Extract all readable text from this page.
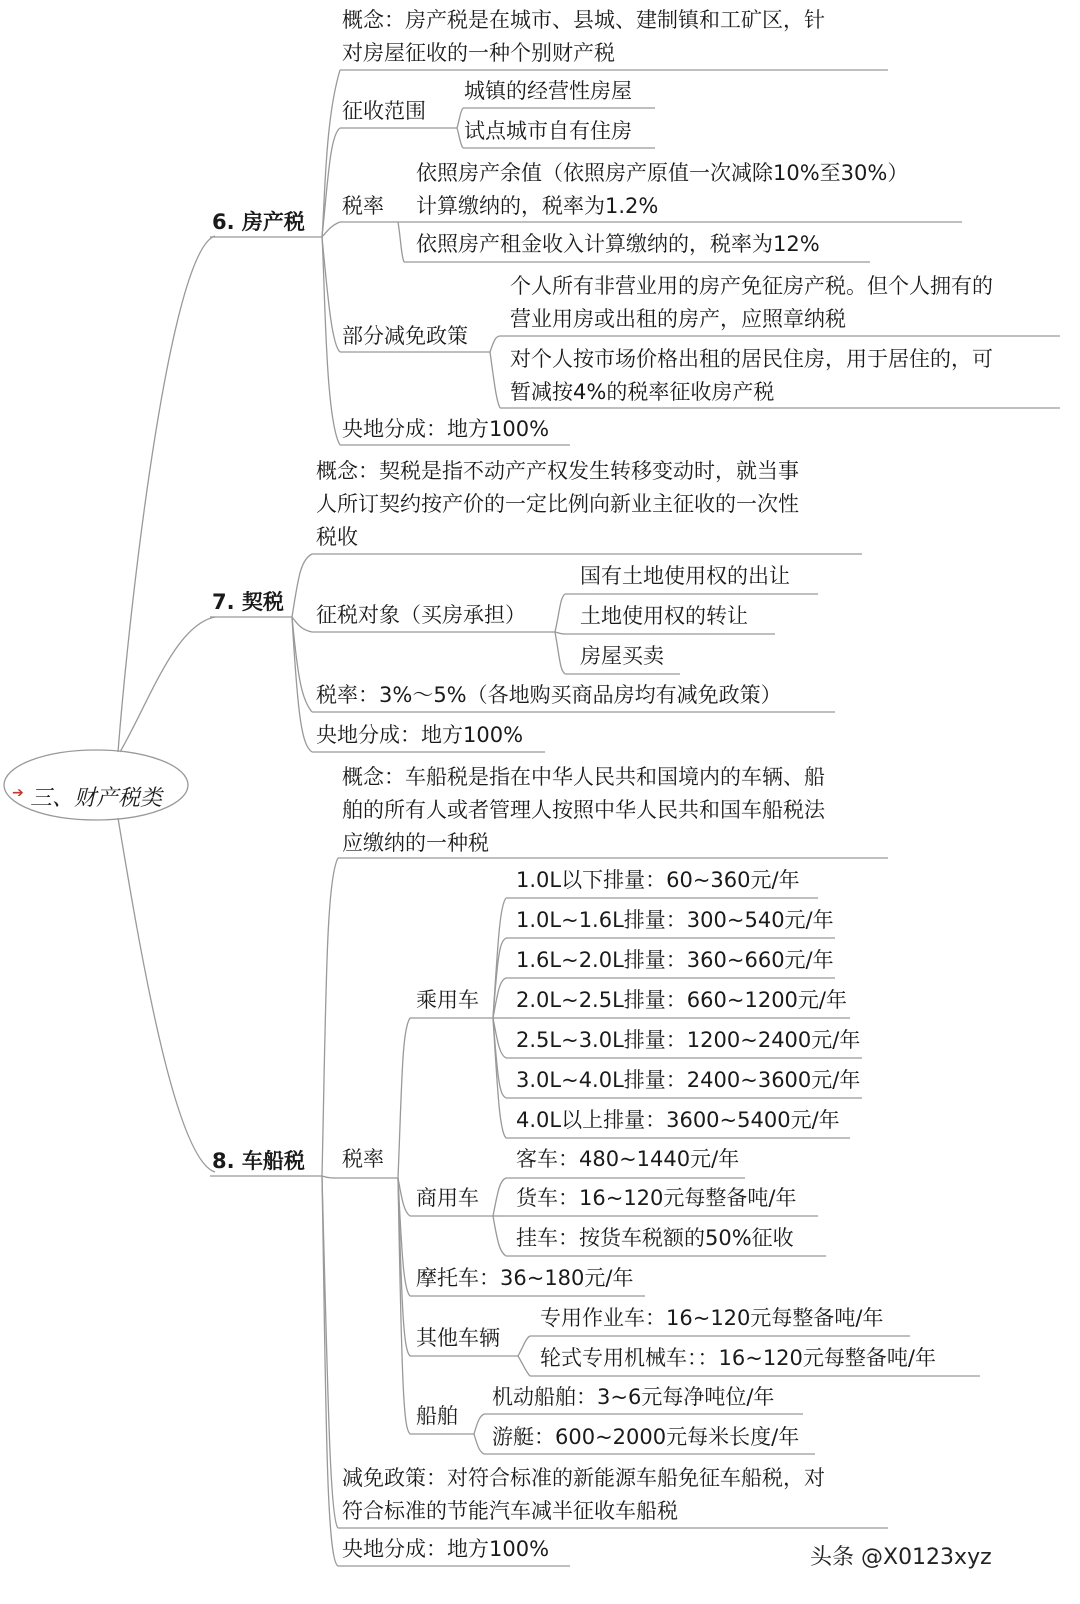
➔ 三、财产税类
6. 房产税
概念：房产税是在城市、县城、建制镇和工矿区，针
对房屋征收的一种个别财产税
征收范围
城镇的经营性房屋
试点城市自有住房
税率
依照房产余值（依照房产原值一次减除10%至30%）
计算缴纳的，税率为1.2%
依照房产租金收入计算缴纳的，税率为12%
部分减免政策
个人所有非营业用的房产免征房产税。但个人拥有的
营业用房或出租的房产，应照章纳税
对个人按市场价格出租的居民住房，用于居住的，可
暂减按4%的税率征收房产税
央地分成：地方100%
7. 契税
概念：契税是指不动产产权发生转移变动时，就当事
人所订契约按产价的一定比例向新业主征收的一次性
税收
征税对象（买房承担）
国有土地使用权的出让
土地使用权的转让
房屋买卖
税率：3%～5%（各地购买商品房均有减免政策）
央地分成：地方100%
8. 车船税
概念：车船税是指在中华人民共和国境内的车辆、船
舶的所有人或者管理人按照中华人民共和国车船税法
应缴纳的一种税
税率
乘用车
1.0L以下排量：60~360元/年
1.0L~1.6L排量：300~540元/年
1.6L~2.0L排量：360~660元/年
2.0L~2.5L排量：660~1200元/年
2.5L~3.0L排量：1200~2400元/年
3.0L~4.0L排量：2400~3600元/年
4.0L以上排量：3600~5400元/年
商用车
客车：480~1440元/年
货车：16~120元每整备吨/年
挂车：按货车税额的50%征收
摩托车：36~180元/年
其他车辆
专用作业车：16~120元每整备吨/年
轮式专用机械车：：16~120元每整备吨/年
船舶
机动船舶：3~6元每净吨位/年
游艇：600~2000元每米长度/年
减免政策：对符合标准的新能源车船免征车船税，对
符合标准的节能汽车减半征收车船税
央地分成：地方100%	头条 @X0123xyz
